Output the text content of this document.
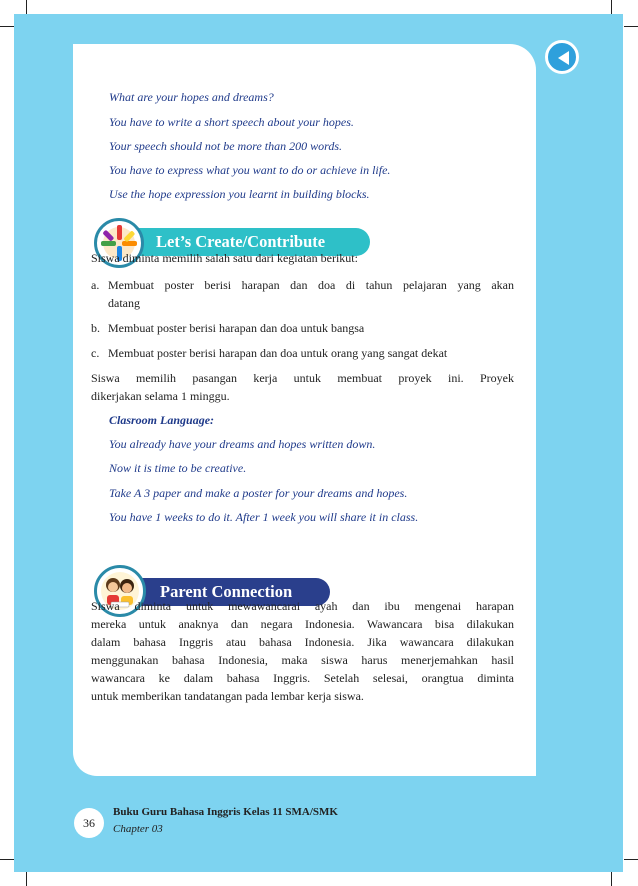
What are your hopes and dreams?
You have to write a short speech about your hopes.
Your speech should not be more than 200 words.
You have to express what you want to do or achieve in life.
Use the hope expression you learnt in building blocks.
Let’s Create/Contribute
Siswa diminta memilih salah satu dari kegiatan berikut:
a. Membuat poster berisi harapan dan doa di tahun pelajaran yang akan
datang
b. Membuat poster berisi harapan dan doa untuk bangsa
c. Membuat poster berisi harapan dan doa untuk orang yang sangat dekat
Siswa memilih pasangan kerja untuk membuat proyek ini. Proyek
dikerjakan selama 1 minggu.
Clasroom Language:
You already have your dreams and hopes written down.
Now it is time to be creative.
Take A 3 paper and make a poster for your dreams and hopes.
You have 1 weeks to do it. After 1 week you will share it in class.
Parent Connection
Siswa diminta untuk mewawancarai ayah dan ibu mengenai harapan
mereka untuk anaknya dan negara Indonesia. Wawancara bisa dilakukan
dalam bahasa Inggris atau bahasa Indonesia. Jika wawancara dilakukan
menggunakan bahasa Indonesia, maka siswa harus menerjemahkan hasil
wawancara ke dalam bahasa Inggris. Setelah selesai, orangtua diminta
untuk memberikan tandatangan pada lembar kerja siswa.
36
Buku Guru Bahasa Inggris Kelas 11 SMA/SMK
Chapter 03
